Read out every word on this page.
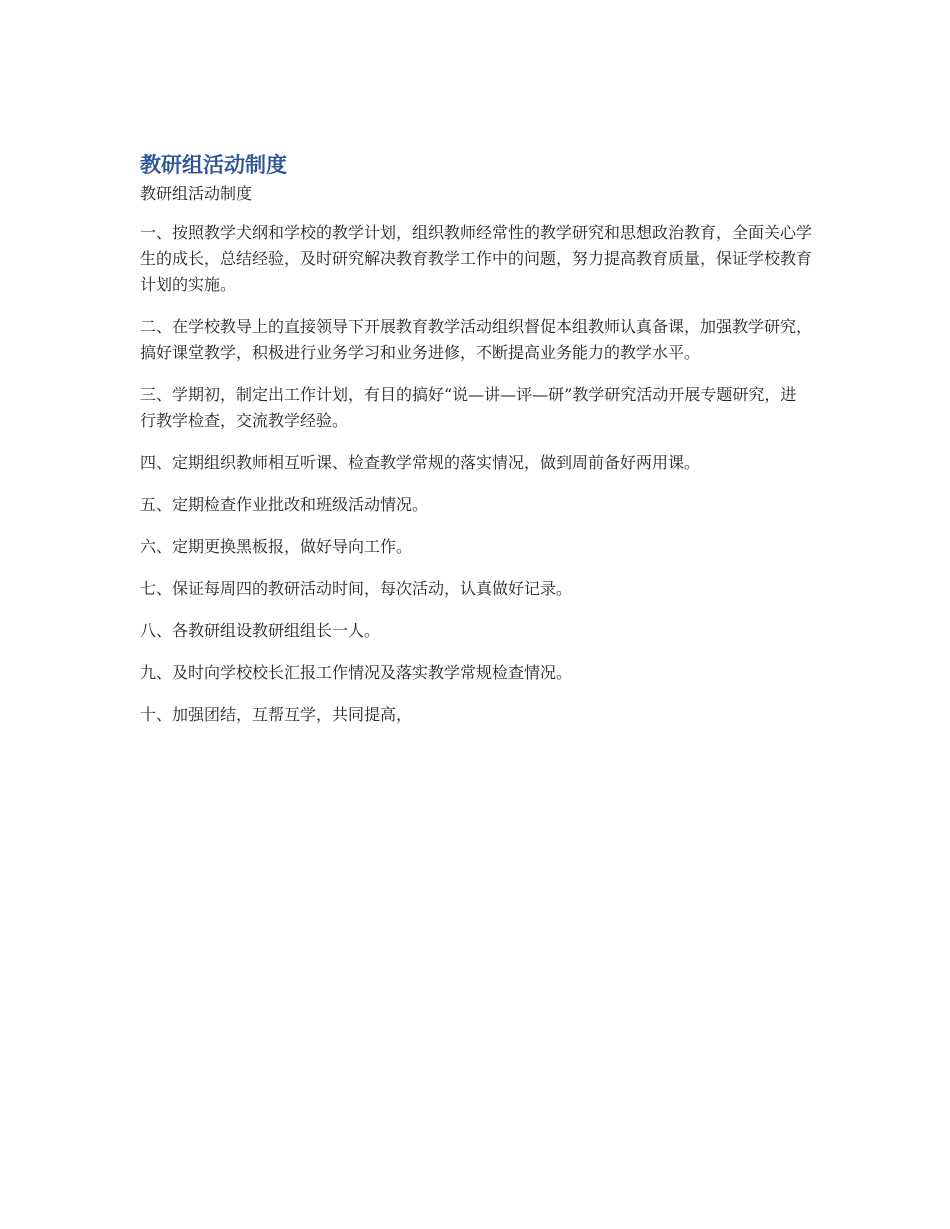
教研组活动制度
教研组活动制度

一、按照教学犬纲和学校的教学计划，组织教师经常性的教学研究和思想政治教育，全面关心学生的成长，总结经验，及时研究解决教育教学工作中的问题，努力提高教育质量，保证学校教育计划的实施。

二、在学校教导上的直接领导下开展教育教学活动组织督促本组教师认真备课，加强教学研究，搞好课堂教学，积极进行业务学习和业务进修，不断提高业务能力的教学水平。

三、学期初，制定出工作计划，有目的搞好“说—讲—评—研”教学研究活动开展专题研究，进行教学检查，交流教学经验。

四、定期组织教师相互听课、检查教学常规的落实情况，做到周前备好两用课。

五、定期检查作业批改和班级活动情况。

六、定期更换黑板报，做好导向工作。

七、保证每周四的教研活动时间，每次活动，认真做好记录。

八、各教研组设教研组组长一人。

九、及时向学校校长汇报工作情况及落实教学常规检查情况。

十、加强团结，互帮互学，共同提高，
